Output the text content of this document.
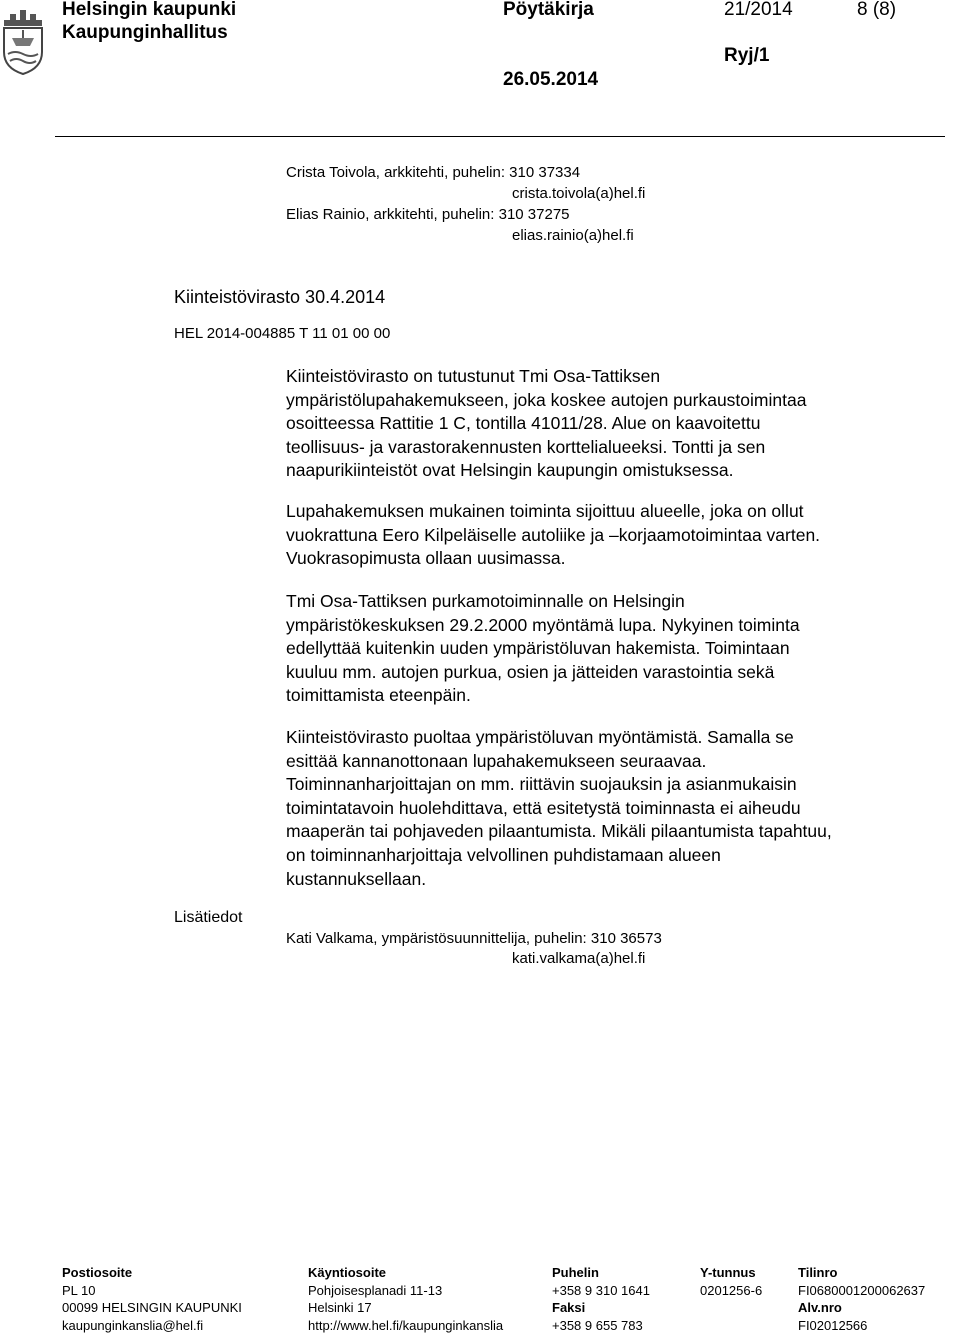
Helsingin kaupunki
Kaupunginhallitus
Pöytäkirja	21/2014	8 (8)
Ryj/1
26.05.2014
Crista Toivola, arkkitehti, puhelin: 310 37334
crista.toivola(a)hel.fi
Elias Rainio, arkkitehti, puhelin: 310 37275
elias.rainio(a)hel.fi
Kiinteistövirasto 30.4.2014
HEL 2014-004885 T 11 01 00 00

Kiinteistövirasto on tutustunut Tmi Osa-Tattiksen

ympäristölupahakemukseen, joka koskee autojen purkaustoimintaa

osoitteessa Rattitie 1 C, tontilla 41011/28. Alue on kaavoitettu

teollisuus- ja varastorakennusten korttelialueeksi. Tontti ja sen

naapurikiinteistöt ovat Helsingin kaupungin omistuksessa.

Lupahakemuksen mukainen toiminta sijoittuu alueelle, joka on ollut

vuokrattuna Eero Kilpeläiselle autoliike ja –korjaamotoimintaa varten.

Vuokrasopimusta ollaan uusimassa.

Tmi Osa-Tattiksen purkamotoiminnalle on Helsingin

ympäristökeskuksen 29.2.2000 myöntämä lupa. Nykyinen toiminta

edellyttää kuitenkin uuden ympäristöluvan hakemista. Toimintaan

kuuluu mm. autojen purkua, osien ja jätteiden varastointia sekä

toimittamista eteenpäin.

Kiinteistövirasto puoltaa ympäristöluvan myöntämistä. Samalla se

esittää kannanottonaan lupahakemukseen seuraavaa.

Toiminnanharjoittajan on mm. riittävin suojauksin ja asianmukaisin

toimintatavoin huolehdittava, että esitetystä toiminnasta ei aiheudu

maaperän tai pohjaveden pilaantumista. Mikäli pilaantumista tapahtuu,

on toiminnanharjoittaja velvollinen puhdistamaan alueen

kustannuksellaan.

Lisätiedot
Kati Valkama, ympäristösuunnittelija, puhelin: 310 36573
kati.valkama(a)hel.fi
Postiosoite
PL 10
00099 HELSINGIN KAUPUNKI
kaupunginkanslia@hel.fi
Käyntiosoite
Pohjoisesplanadi 11-13
Helsinki 17
http://www.hel.fi/kaupunginkanslia
Puhelin
+358 9 310 1641
Faksi
+358 9 655 783
Y-tunnus
0201256-6
Tilinro
FI0680001200062637
Alv.nro
FI02012566
